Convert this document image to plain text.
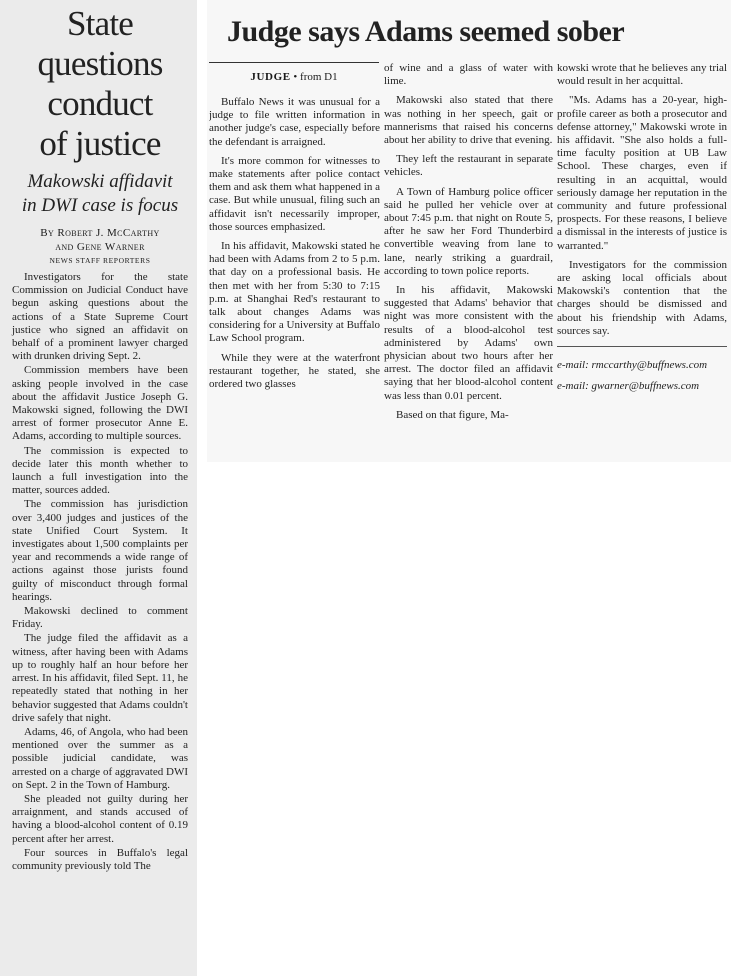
State
questions
conduct
of justice
Makowski affidavit
in DWI case is focus
By Robert J. McCarthy
and Gene Warner
NEWS STAFF REPORTERS

Investigators for the state Commission on Judicial Conduct have begun asking questions about the actions of a State Supreme Court justice who signed an affidavit on behalf of a prominent lawyer charged with drunken driving Sept. 2.

Commission members have been asking people involved in the case about the affidavit Justice Joseph G. Makowski signed, following the DWI arrest of former prosecutor Anne E. Adams, according to multiple sources.

The commission is expected to decide later this month whether to launch a full investigation into the matter, sources added.

The commission has jurisdiction over 3,400 judges and justices of the state Unified Court System. It investigates about 1,500 complaints per year and recommends a wide range of actions against those jurists found guilty of misconduct through formal hearings.

Makowski declined to comment Friday.

The judge filed the affidavit as a witness, after having been with Adams up to roughly half an hour before her arrest. In his affidavit, filed Sept. 11, he repeatedly stated that nothing in her behavior suggested that Adams couldn't drive safely that night.

Adams, 46, of Angola, who had been mentioned over the summer as a possible judicial candidate, was arrested on a charge of aggravated DWI on Sept. 2 in the Town of Hamburg.

She pleaded not guilty during her arraignment, and stands accused of having a blood-alcohol content of 0.19 percent after her arrest.

Four sources in Buffalo's legal community previously told The

Judge says Adams seemed sober
JUDGE • from D1

Buffalo News it was unusual for a judge to file written information in another judge's case, especially before the defendant is arraigned.

It's more common for witnesses to make statements after police contact them and ask them what happened in a case. But while unusual, filing such an affidavit isn't necessarily improper, those sources emphasized.

In his affidavit, Makowski stated he had been with Adams from 2 to 5 p.m. that day on a professional basis. He then met with her from 5:30 to 7:15 p.m. at Shanghai Red's restaurant to talk about changes Adams was considering for a University at Buffalo Law School program.

While they were at the waterfront restaurant together, he stated, she ordered two glasses

of wine and a glass of water with lime.

Makowski also stated that there was nothing in her speech, gait or mannerisms that raised his concerns about her ability to drive that evening.

They left the restaurant in separate vehicles.

A Town of Hamburg police officer said he pulled her vehicle over at about 7:45 p.m. that night on Route 5, after he saw her Ford Thunderbird convertible weaving from lane to lane, nearly striking a guardrail, according to town police reports.

In his affidavit, Makowski suggested that Adams' behavior that night was more consistent with the results of a blood-alcohol test administered by Adams' own physician about two hours after her arrest. The doctor filed an affidavit saying that her blood-alcohol content was less than 0.01 percent.

Based on that figure, Ma-

kowski wrote that he believes any trial would result in her acquittal.

"Ms. Adams has a 20-year, high-profile career as both a prosecutor and defense attorney," Makowski wrote in his affidavit. "She also holds a full-time faculty position at UB Law School. These charges, even if resulting in an acquittal, would seriously damage her reputation in the community and future professional prospects. For these reasons, I believe a dismissal in the interests of justice is warranted."

Investigators for the commission are asking local officials about Makowski's contention that the charges should be dismissed and about his friendship with Adams, sources say.

e-mail: rmccarthy@buffnews.com

e-mail: gwarner@buffnews.com
